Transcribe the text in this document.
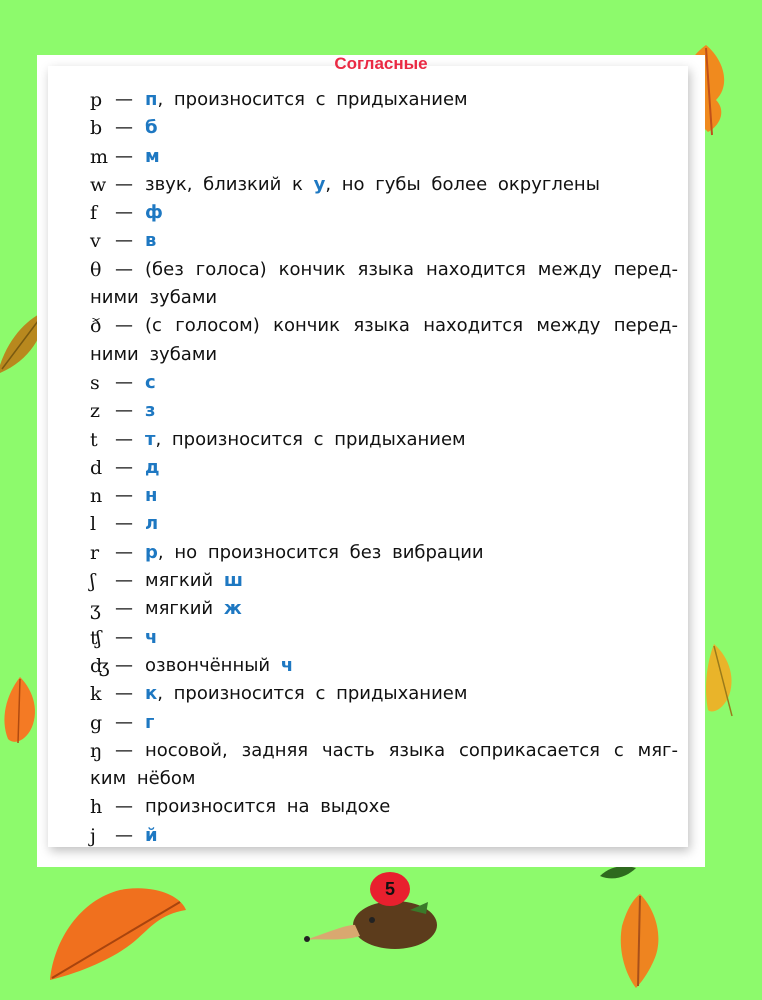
Согласные
p — п, произносится с придыханием
b — б
m — м
w — звук, близкий к у, но губы более округлены
f — ф
v — в
θ — (без голоса) кончик языка находится между перед-ними зубами
ð — (с голосом) кончик языка находится между перед-ними зубами
s — с
z — з
t — т, произносится с придыханием
d — д
n — н
l	— л
r — р, но произносится без вибрации
ʃ	— мягкий ш
ʒ — мягкий ж
ʧ — ч
ʤ — озвончённый ч
k — к, произносится с придыханием
g — г
ŋ — носовой, задняя часть языка соприкасается с мяг-ким нёбом
h — произносится на выдохе
j	— й
5
